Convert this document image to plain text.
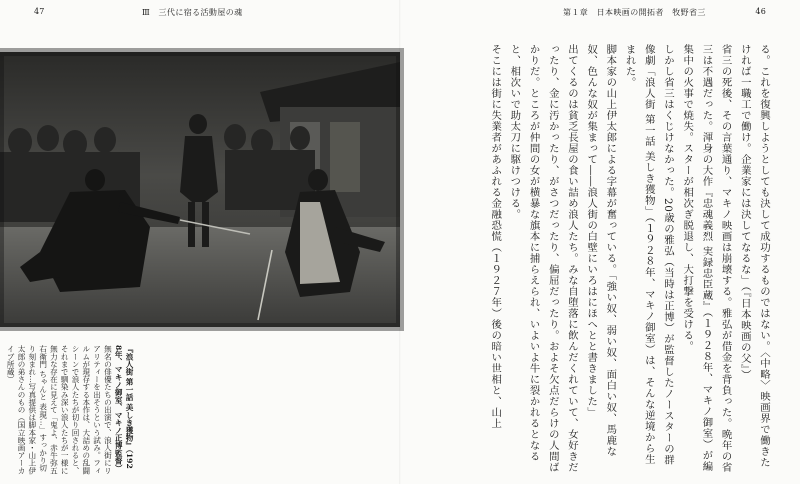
47	Ⅲ　三代に宿る活動屋の魂
『浪人街 第一話 美しき獲物』（192 8年、マキノ御室、マキノ正博監督）無名の俳優たちの出演で、浪人街にリアリティーを出そうという試み。フィルムが現存する本作は、大詰めの乱闘シーンで浪人たちが切り回されると、それまで馴染み深い浪人たちが一様に無力な存在に見えて「鬼よ、赤牛弥五右衛門 ちゃんと 表現…」すっかり切り刻まれ…写真提供は脚本家・山上伊太郎の弟さんのもの（国立映画アーカイブ所蔵）
46
第１章　日本映画の開拓者　牧野省三

る。これを復興しようとしても決して成功するものではない。〈中略〉映画界で働きたければ一職工で働け。企業家には決してなるな」（『日本映画の父』）

省三の死後、その言葉通り、マキノ映画は崩壊する。雅弘が借金を背負った。晩年の省三は不遇だった。渾身の大作『忠魂義烈 実録忠臣蔵』（１９２８年、マキノ御室）が編集中の火事で焼失。スターが相次ぎ脱退し、大打撃を受ける。

しかし省三はくじけなかった。20歳の雅弘（当時は正博）が監督したノースターの群像劇「浪人街 第一話 美しき獲物」（１９２８年、マキノ御室）は、そんな逆境から生まれた。

脚本家の山上伊太郎による字幕が奮っている。「強い奴、弱い奴、面白い奴、馬鹿な奴、色んな奴が集まって――浪人街の白壁にいろはにほへとと書きました」

出てくるのは貧乏長屋の食い詰め浪人たち。みな自堕落に飲んだくれていて、女好きだったり、金に汚かったり、がさつだったり、偏屈だったり。およそ欠点だらけの人間ばかりだ。ところが仲間の女が横暴な旗本に捕らえられ、いよいよ牛に裂かれるとなると、相次いで助太刀に駆けつける。

そこには街に失業者があふれる金融恐慌（１９２７年）後の暗い世相と、山上
